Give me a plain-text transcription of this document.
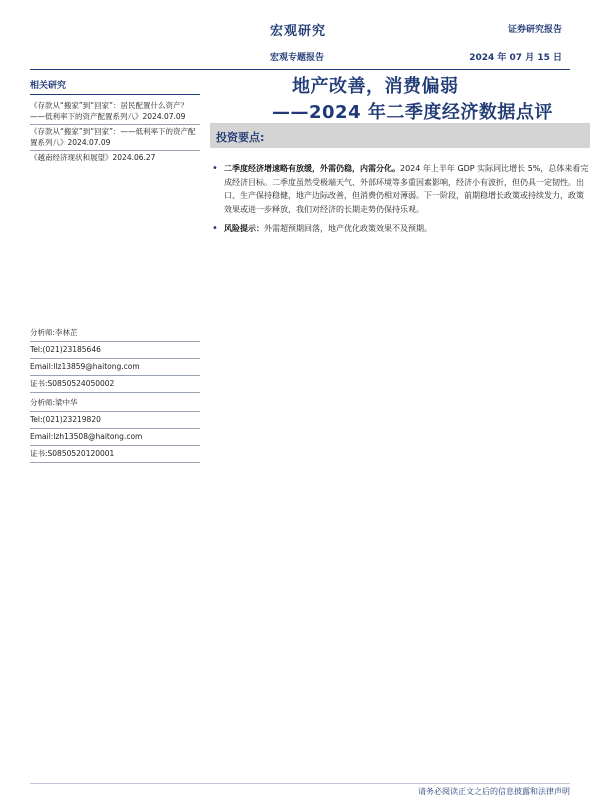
宏观研究
宏观专题报告
证券研究报告
2024 年 07 月 15 日
相关研究
《存款从“搬家”到“回家”：居民配置什么资产？——低利率下的资产配置系列八》2024.07.09
《存款从“搬家”到“回家”：——低利率下的资产配置系列八》2024.07.09
《越南经济现状和展望》2024.06.27
分析师:李林芷
Tel:(021)23185646
Email:llz13859@haitong.com
证书:S0850524050002
分析师:梁中华
Tel:(021)23219820
Email:lzh13508@haitong.com
证书:S0850520120001
地产改善，消费偏弱
——2024 年二季度经济数据点评
投资要点:
• 二季度经济增速略有放缓，外需仍稳，内需分化。2024 年上半年 GDP 实际同比增长 5%，总体来看完成经济目标。二季度虽然受极端天气、外部环境等多重因素影响，经济小有波折，但仍具一定韧性。出口、生产保持稳健，地产边际改善，但消费仍相对薄弱。下一阶段，前期稳增长政策或持续发力，政策效果或进一步释放，我们对经济的长期走势仍保持乐观。
• 风险提示：外需超预期回落，地产优化政策效果不及预期。
请务必阅读正文之后的信息披露和法律声明
